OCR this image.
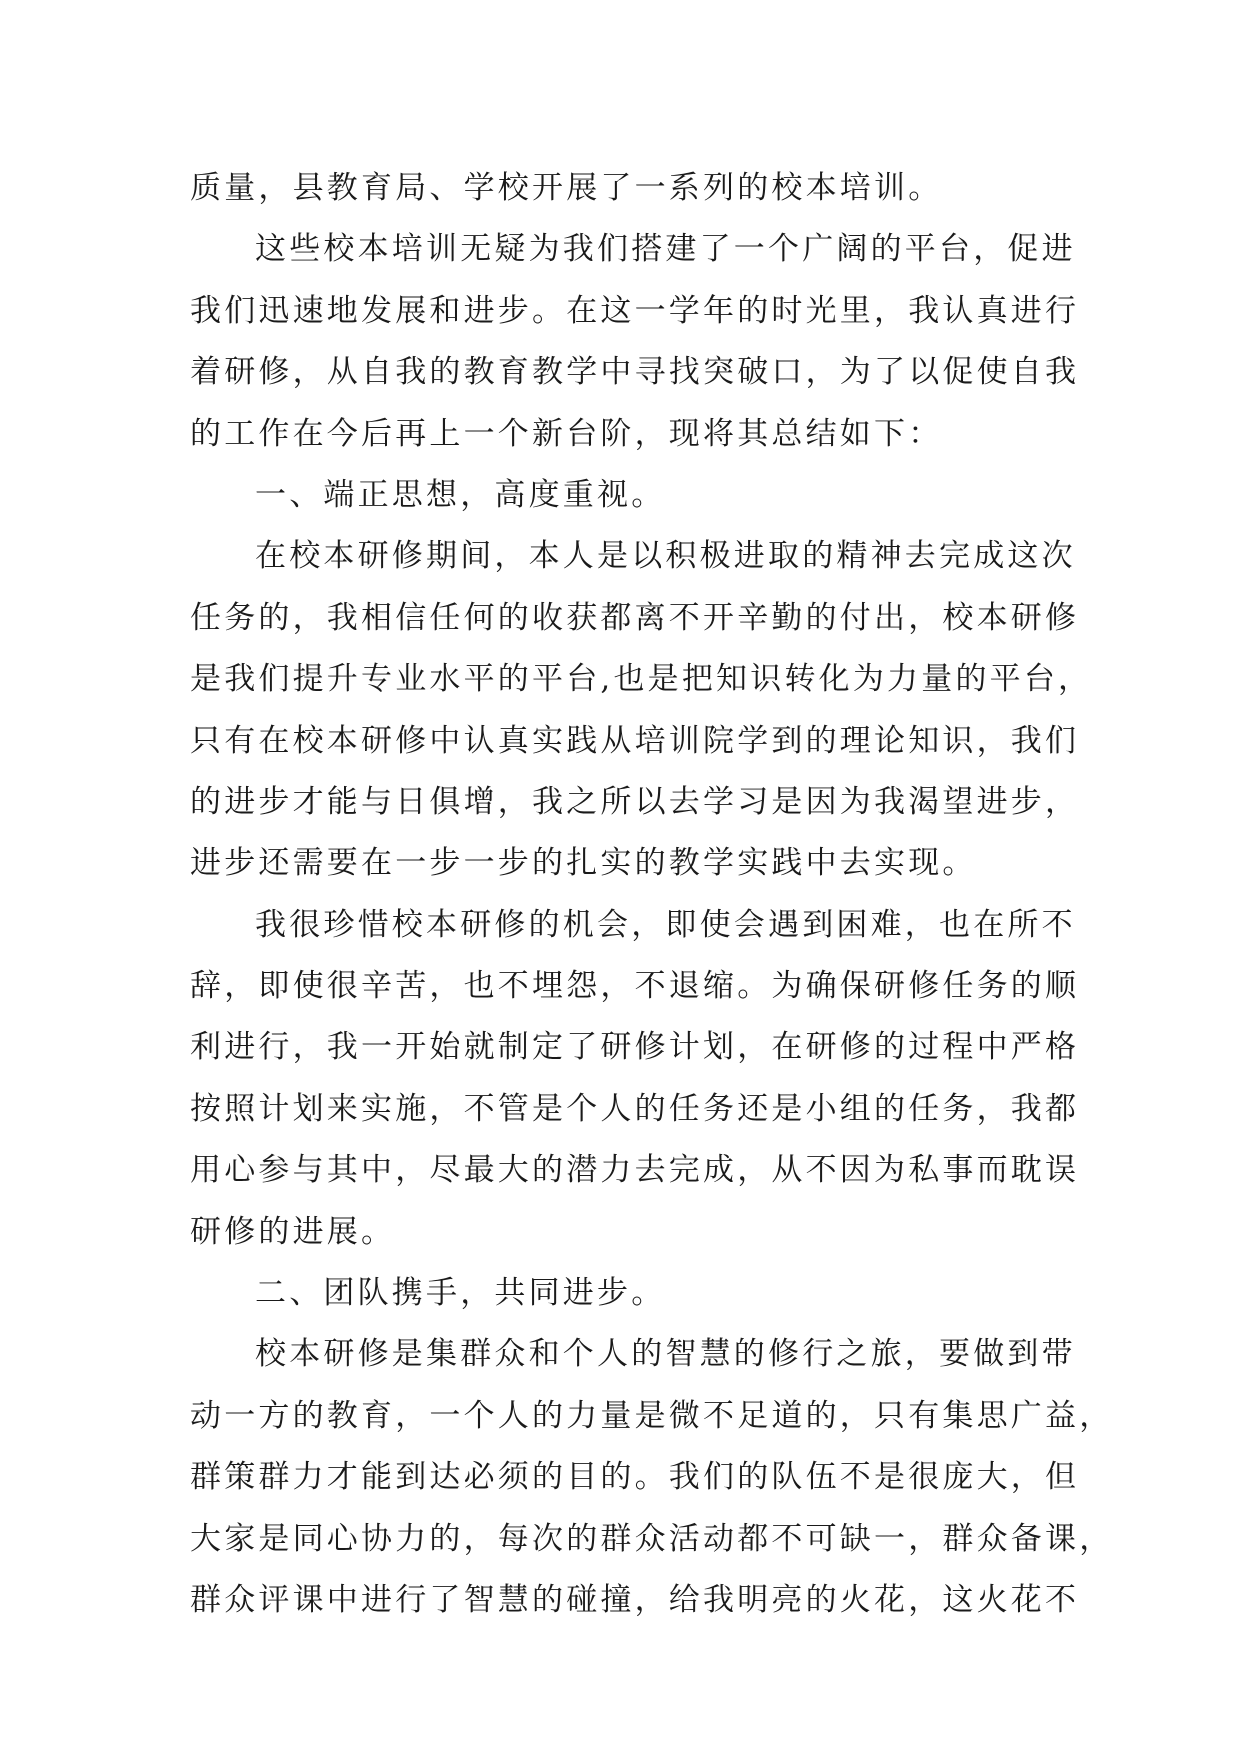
质量，县教育局、学校开展了一系列的校本培训。
这些校本培训无疑为我们搭建了一个广阔的平台，促进
我们迅速地发展和进步。在这一学年的时光里，我认真进行
着研修，从自我的教育教学中寻找突破口，为了以促使自我
的工作在今后再上一个新台阶，现将其总结如下：
一、端正思想，高度重视。
在校本研修期间，本人是以积极进取的精神去完成这次
任务的，我相信任何的收获都离不开辛勤的付出，校本研修
是我们提升专业水平的平台,也是把知识转化为力量的平台，
只有在校本研修中认真实践从培训院学到的理论知识，我们
的进步才能与日俱增，我之所以去学习是因为我渴望进步，
进步还需要在一步一步的扎实的教学实践中去实现。
我很珍惜校本研修的机会，即使会遇到困难，也在所不
辞，即使很辛苦，也不埋怨，不退缩。为确保研修任务的顺
利进行，我一开始就制定了研修计划，在研修的过程中严格
按照计划来实施，不管是个人的任务还是小组的任务，我都
用心参与其中，尽最大的潜力去完成，从不因为私事而耽误
研修的进展。
二、团队携手，共同进步。
校本研修是集群众和个人的智慧的修行之旅，要做到带
动一方的教育，一个人的力量是微不足道的，只有集思广益，
群策群力才能到达必须的目的。我们的队伍不是很庞大，但
大家是同心协力的，每次的群众活动都不可缺一，群众备课，
群众评课中进行了智慧的碰撞，给我明亮的火花，这火花不
